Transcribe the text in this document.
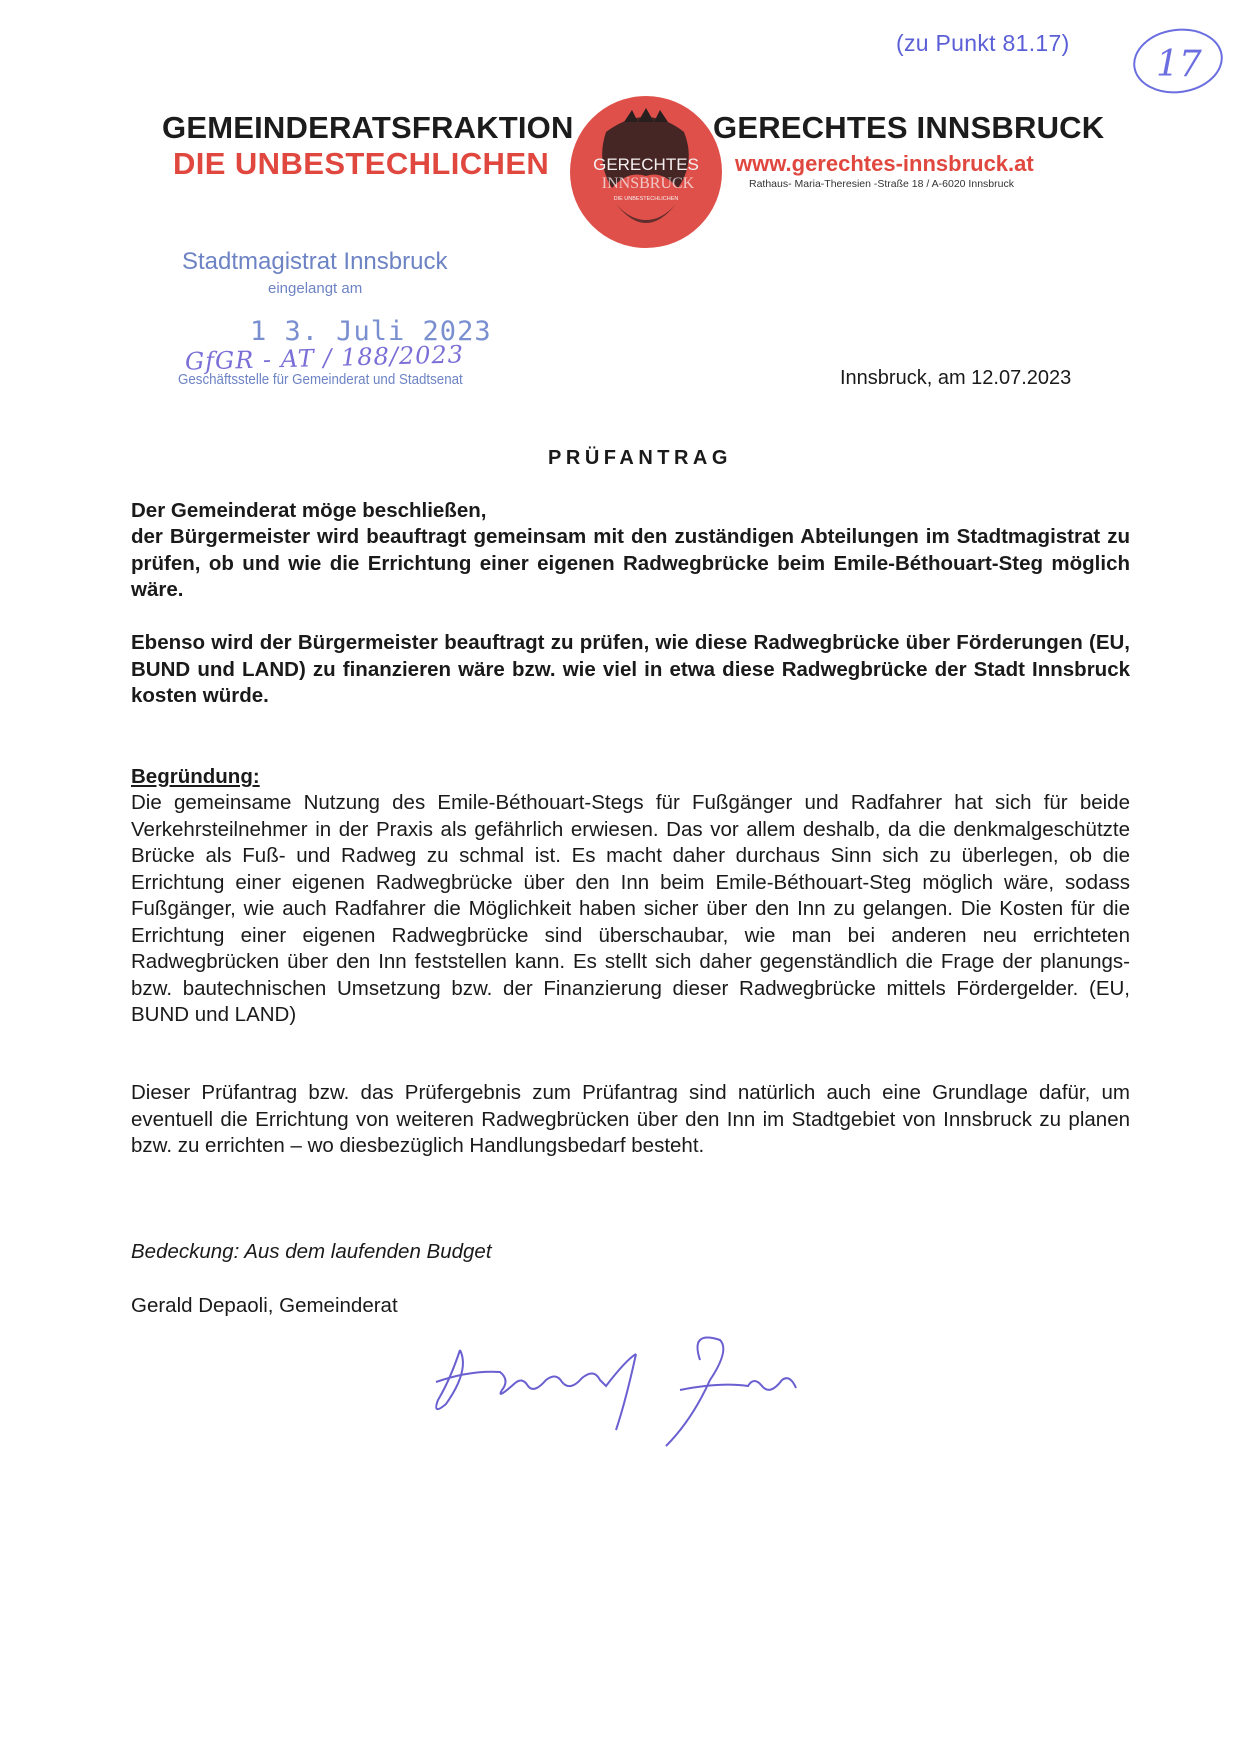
(zu Punkt 81.17)
17
GEMEINDERATSFRAKTION
DIE UNBESTECHLICHEN
GERECHTES INNSBRUCK
www.gerechtes-innsbruck.at
Rathaus- Maria-Theresien -Straße 18 / A-6020 Innsbruck
GERECHTES
INNSBRUCK
DIE UNBESTECHLICHEN
Stadtmagistrat Innsbruck
eingelangt am
1 3. Juli 2023
GfGR - AT / 188/2023
Geschäftsstelle für Gemeinderat und Stadtsenat	Innsbruck, am 12.07.2023
PRÜFANTRAG
Der Gemeinderat möge beschließen,
der Bürgermeister wird beauftragt gemeinsam mit den zuständigen Abteilungen im Stadtmagistrat zu prüfen, ob und wie die Errichtung einer eigenen Radwegbrücke beim Emile-Béthouart-Steg möglich wäre.
Ebenso wird der Bürgermeister beauftragt zu prüfen, wie diese Radwegbrücke über Förderungen (EU, BUND und LAND) zu finanzieren wäre bzw. wie viel in etwa diese Radwegbrücke der Stadt Innsbruck kosten würde.
Begründung:
Die gemeinsame Nutzung des Emile-Béthouart-Stegs für Fußgänger und Radfahrer hat sich für beide Verkehrsteilnehmer in der Praxis als gefährlich erwiesen. Das vor allem deshalb, da die denkmalgeschützte Brücke als Fuß- und Radweg zu schmal ist. Es macht daher durchaus Sinn sich zu überlegen, ob die Errichtung einer eigenen Radwegbrücke über den Inn beim Emile-Béthouart-Steg möglich wäre, sodass Fußgänger, wie auch Radfahrer die Möglichkeit haben sicher über den Inn zu gelangen. Die Kosten für die Errichtung einer eigenen Radwegbrücke sind überschaubar, wie man bei anderen neu errichteten Radwegbrücken über den Inn feststellen kann. Es stellt sich daher gegenständlich die Frage der planungs- bzw. bautechnischen Umsetzung bzw. der Finanzierung dieser Radwegbrücke mittels Fördergelder. (EU, BUND und LAND)
Dieser Prüfantrag bzw. das Prüfergebnis zum Prüfantrag sind natürlich auch eine Grundlage dafür, um eventuell die Errichtung von weiteren Radwegbrücken über den Inn im Stadtgebiet von Innsbruck zu planen bzw. zu errichten – wo diesbezüglich Handlungsbedarf besteht.
Bedeckung: Aus dem laufenden Budget
Gerald Depaoli, Gemeinderat
